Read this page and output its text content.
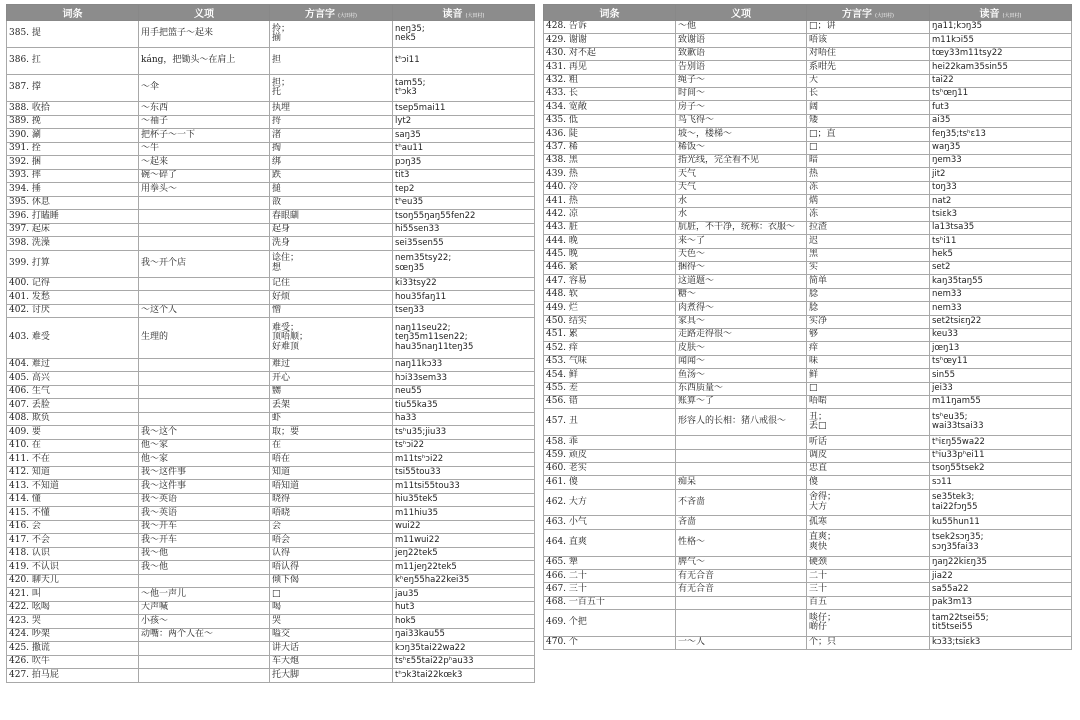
词条	义项	方言字 (大田村)	读音 (大田村)
385. 提	用手把篮子～起来	拎；
揃	neŋ35;
nek5
386. 扛	káng，把锄头～在肩上	担	tʰɔi11
387. 撑	～伞	担；
托	tam55;
tʰɔk3
388. 收拾	～东西	执埋	tsep5mai11
389. 挽	～袖子	捋	lyt2
390. 涮	把杯子～一下	渚	saŋ35
391. 拴	～牛	掏	tʰau11
392. 捆	～起来	绑	pɔŋ35
393. 摔	碗～碎了	跌	tit3
394. 捶	用拳头～	搥	tep2
395. 休息		敨	tʰeu35
396. 打瞌睡		春眼瞓	tsoŋ55ŋaŋ55fen22
397. 起床		起身	hi55sen33
398. 洗澡		洗身	sei35sen55
399. 打算	我～开个店	谂住；
想	nem35tsy22;
sœŋ35
400. 记得		记住	ki33tsy22
401. 发愁		好烦	hou35faŋ11
402. 讨厌	～这个人	憎	tseŋ33
403. 难受	生理的	难受；
顶唔顺；
好难顶	naŋ11seu22;
teŋ35m11sen22;
hau35naŋ11teŋ35
404. 难过		难过	naŋ11kɔ33
405. 高兴		开心	hɔi33sem33
406. 生气		嬲	neu55
407. 丢脸		丢架	tiu55ka35
408. 欺负		虾	ha33
409. 要	我～这个	取；要	tsʰu35;jiu33
410. 在	他～家	在	tsʰɔi22
411. 不在	他～家	唔在	m11tsʰɔi22
412. 知道	我～这件事	知道	tsi55tou33
413. 不知道	我～这件事	唔知道	m11tsi55tou33
414. 懂	我～英语	晓得	hiu35tek5
415. 不懂	我～英语	唔晓	m11hiu35
416. 会	我～开车	会	wui22
417. 不会	我～开车	唔会	m11wui22
418. 认识	我～他	认得	jeŋ22tek5
419. 不认识	我～他	唔认得	m11jeŋ22tek5
420. 聊天儿		倾下偈	kʰeŋ55ha22kei35
421. 叫	～他一声儿	□	jau35
422. 吆喝	大声喊	喝	hut3
423. 哭	小孩～	哭	hok5
424. 吵架	动嘴：两个人在～	嗌交	ŋai33kau55
425. 撒谎		讲大话	kɔŋ35tai22wa22
426. 吹牛		车大炮	tsʰɛ55tai22pʰau33
427. 拍马屁		托大脚	tʰɔk3tai22kœk3
词条	义项	方言字 (大田村)	读音 (大田村)
428. 告诉	～他	□；讲	ŋa11;kɔŋ35
429. 谢谢	致谢语	唔该	m11kɔi55
430. 对不起	致歉语	对唔住	tœy33m11tsy22
431. 再见	告别语	系咁先	hei22kam35sin55
432. 粗	绳子～	大	tai22
433. 长	时间～	长	tsʰœŋ11
434. 宽敞	房子～	阔	fut3
435. 低	鸟飞得～	矮	ai35
436. 陡	坡～，楼梯～	□；直	feŋ35;tsʰɛ13
437. 稀	稀饭～	□	waŋ35
438. 黑	指光线，完全看不见	暗	ŋem33
439. 热	天气	热	jit2
440. 冷	天气	冻	toŋ33
441. 热	水	焫	nat2
442. 凉	水	冻	tsiɛk3
443. 脏	肮脏，不干净，统称：衣服～	拉渣	la13tsa35
444. 晚	来～了	迟	tsʰi11
445. 晚	天色～	黑	hek5
446. 紧	捆得～	实	set2
447. 容易	这道题～	简单	kaŋ35taŋ55
448. 软	糖～	腍	nem33
449. 烂	肉煮得～	腍	nem33
450. 结实	家具～	实净	set2tsiɛŋ22
451. 累	走路走得很～	够	keu33
452. 痒	皮肤～	痒	jœŋ13
453. 气味	闻闻～	味	tsʰœy11
454. 鲜	鱼汤～	鲜	sin55
455. 差	东西质量～	□	jei33
456. 错	账算～了	唔啱	m11ŋam55
457. 丑	形容人的长相：猪八戒很～	丑；
丢□	tsʰeu35;
wai33tsai33
458. 乖		听话	tʰiɛŋ55wa22
459. 顽皮		调皮	tʰiu33pʰei11
460. 老实		忠直	tsoŋ55tsek2
461. 傻	痴呆	傻	sɔ11
462. 大方	不吝啬	舍得；
大方	se35tek3;
tai22fɔŋ55
463. 小气	吝啬	孤寒	ku55hun11
464. 直爽	性格～	直爽；
爽快	tsek2sɔŋ35;
sɔŋ35fai33
465. 犟	脾气～	硬颈	ŋaŋ22kiɛŋ35
466. 二十	有无合音	二十	jia22
467. 三十	有无合音	三十	sa55a22
468. 一百五十		百五	pak3m13
469. 个把		啖仔；
啲仔	tam22tsei55;
tit5tsei55
470. 个	一～人	个；只	kɔ33;tsiɛk3
